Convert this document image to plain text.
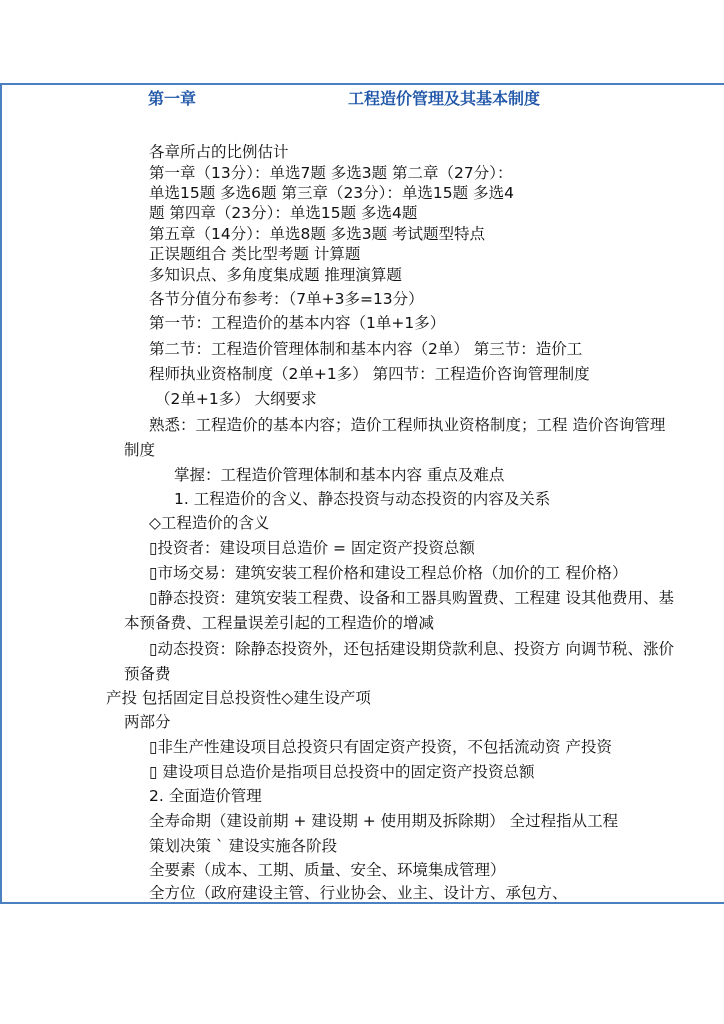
第一章	工程造价管理及其基本制度
各章所占的比例估计
第一章（13分）：单选7题 多选3题 第二章（27分）：
单选15题 多选6题 第三章（23分）：单选15题 多选4
题 第四章（23分）：单选15题 多选4题
第五章（14分）：单选8题 多选3题 考试题型特点
正误题组合 类比型考题 计算题
多知识点、多角度集成题 推理演算题
各节分值分布参考：（7单+3多=13分）
第一节：工程造价的基本内容（1单+1多）
第二节：工程造价管理体制和基本内容（2单） 第三节：造价工
程师执业资格制度（2单+1多） 第四节：工程造价咨询管理制度
（2单+1多） 大纲要求
熟悉：工程造价的基本内容；造价工程师执业资格制度；工程 造价咨询管理
制度
掌握：工程造价管理体制和基本内容 重点及难点
1. 工程造价的含义、静态投资与动态投资的内容及关系
◇工程造价的含义
▯投资者：建设项目总造价 = 固定资产投资总额
▯市场交易：建筑安装工程价格和建设工程总价格（加价的工 程价格）
▯静态投资：建筑安装工程费、设备和工器具购置费、工程建 设其他费用、基
本预备费、工程量误差引起的工程造价的增减
▯动态投资：除静态投资外，还包括建设期贷款利息、投资方 向调节税、涨价
预备费
产投 包括固定目总投资性◇建生设产项
两部分
▯非生产性建设项目总投资只有固定资产投资，不包括流动资 产投资
▯ 建设项目总造价是指项目总投资中的固定资产投资总额
2. 全面造价管理
全寿命期（建设前期 + 建设期 + 使用期及拆除期） 全过程指从工程
策划决策 ` 建设实施各阶段
全要素（成本、工期、质量、安全、环境集成管理）
全方位（政府建设主管、行业协会、业主、设计方、承包方、
